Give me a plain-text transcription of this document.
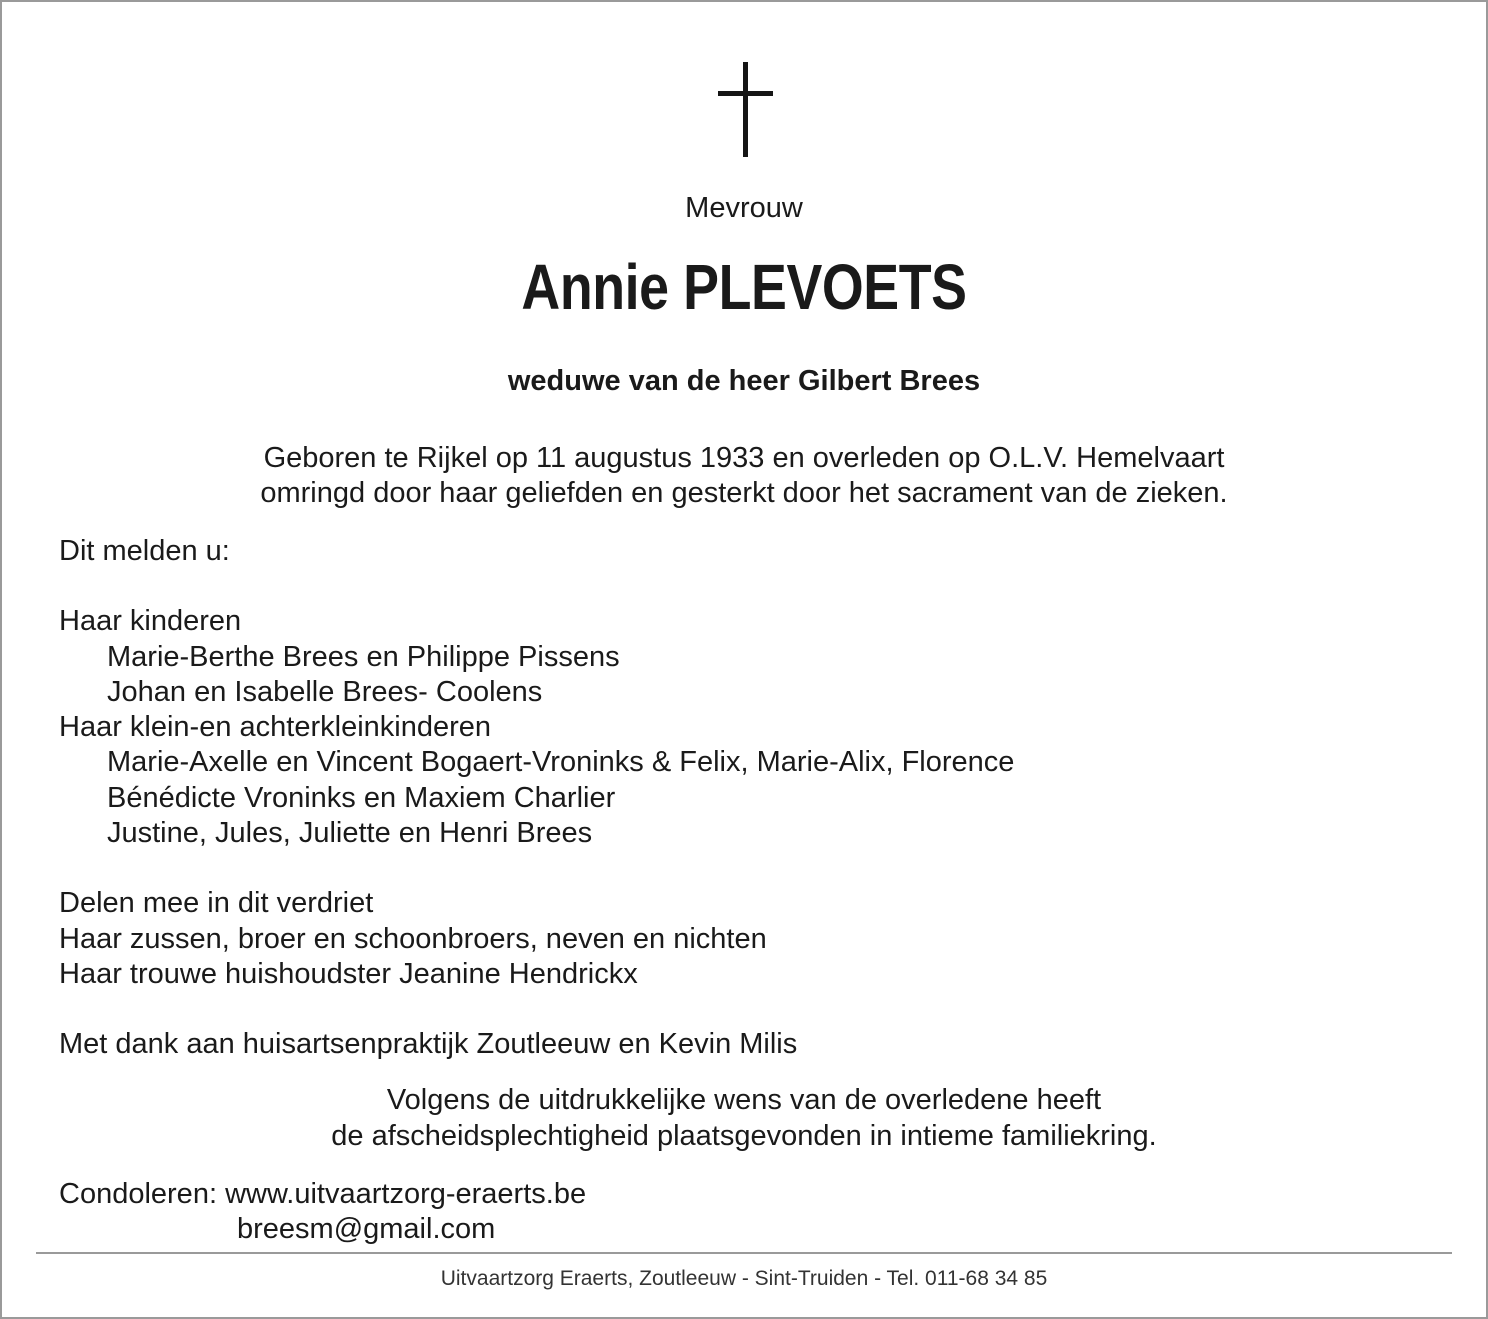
Mevrouw
Annie PLEVOETS
weduwe van de heer Gilbert Brees
Geboren te Rijkel op 11 augustus 1933 en overleden op O.L.V. Hemelvaart
omringd door haar geliefden en gesterkt door het sacrament van de zieken.
Dit melden u:
Haar kinderen
Marie-Berthe Brees en Philippe Pissens
Johan en Isabelle Brees- Coolens
Haar klein-en achterkleinkinderen
Marie-Axelle en Vincent Bogaert-Vroninks & Felix, Marie-Alix, Florence
Bénédicte Vroninks en Maxiem Charlier
Justine, Jules, Juliette en Henri Brees
Delen mee in dit verdriet
Haar zussen, broer en schoonbroers, neven en nichten
Haar trouwe huishoudster Jeanine Hendrickx
Met dank aan huisartsenpraktijk Zoutleeuw en Kevin Milis
Volgens de uitdrukkelijke wens van de overledene heeft
de afscheidsplechtigheid plaatsgevonden in intieme familiekring.
Condoleren: www.uitvaartzorg-eraerts.be
breesm@gmail.com
Uitvaartzorg Eraerts, Zoutleeuw - Sint-Truiden - Tel. 011-68 34 85
